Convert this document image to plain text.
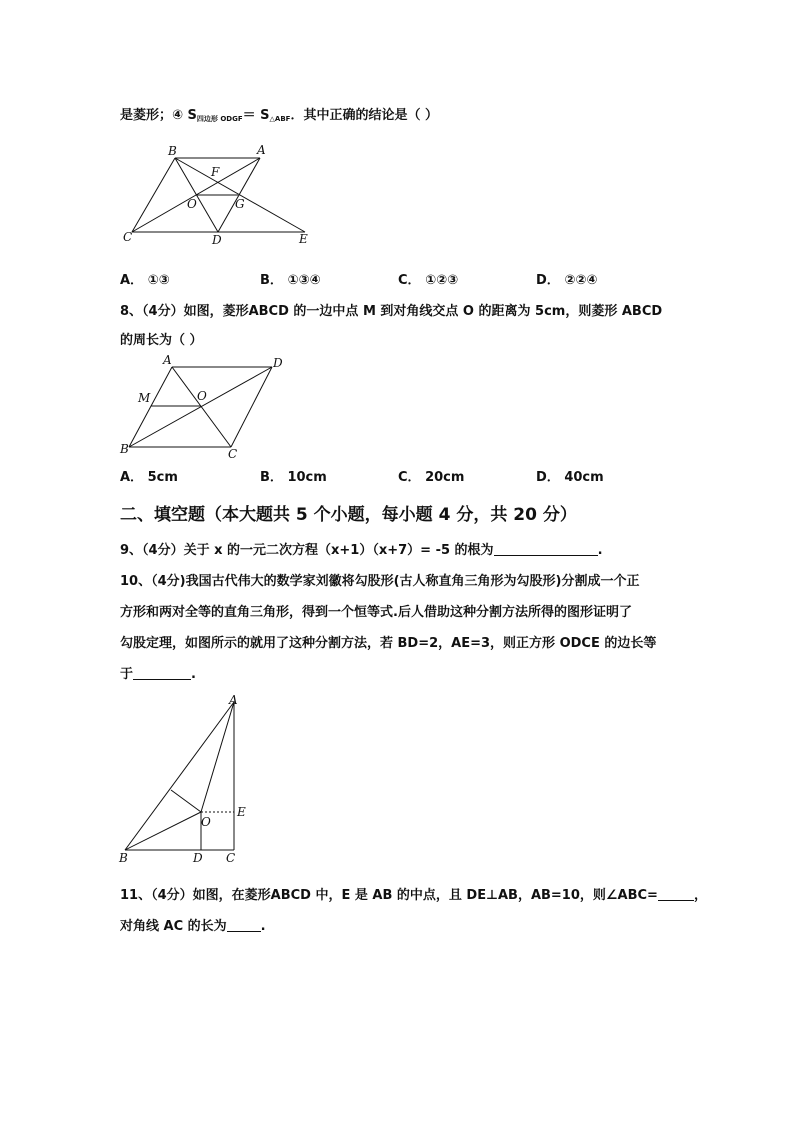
是菱形；④ $S_{四边形 ODGF}= S_{\triangle ABF}$．其中正确的结论是（ ）
B	A
F
O	G
C	D	E
A． ①③	B． ①③④	C． ①②③	D． ②②④
8、（4分）如图，菱形ABCD 的一边中点 M 到对角线交点 O 的距离为 5cm，则菱形 ABCD
的周长为（ ）
A	D
M	O
B	C
A． 5cm	B． 10cm	C． 20cm	D． 40cm
二、填空题（本大题共 5 个小题，每小题 4 分，共 20 分）
9、（4分）关于 x 的一元二次方程（x+1）（x+7）= -5 的根为	.
10、（4分)我国古代伟大的数学家刘徽将勾股形(古人称直角三角形为勾股形)分割成一个正
方形和两对全等的直角三角形，得到一个恒等式.后人借助这种分割方法所得的图形证明了
勾股定理，如图所示的就用了这种分割方法，若 BD=2，AE=3，则正方形 ODCE 的边长等
于	.
A
E
O
B	D C
11、（4分）如图，在菱形ABCD 中，E 是 AB 的中点，且 DE⊥AB，AB=10，则∠ABC=	，
对角线 AC 的长为	.
